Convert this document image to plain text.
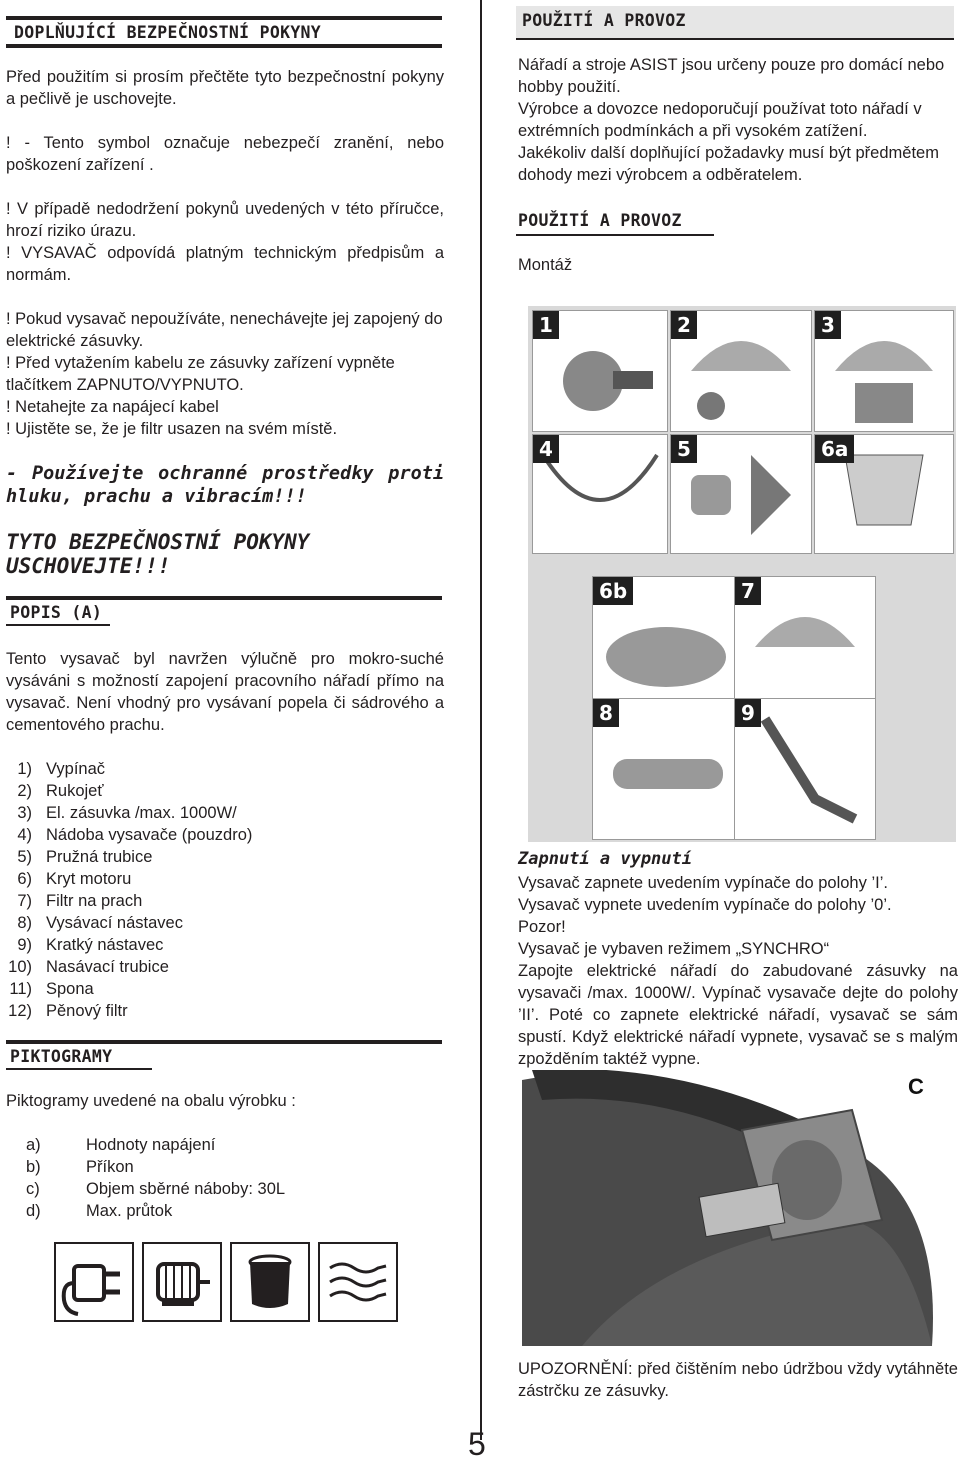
DOPLŇUJÍCÍ BEZPEČNOSTNÍ POKYNY
Před použitím si prosím přečtěte tyto bezpečnostní pokyny a pečlivě je uschovejte.
! - Tento symbol označuje nebezpečí zranění, nebo poškození zařízení .
! V případě nedodržení pokynů uvedených v této příručce, hrozí riziko úrazu.
! VYSAVAČ odpovídá platným technickým předpisům a normám.
! Pokud vysavač nepoužíváte, nenechávejte jej zapojený do elektrické zásuvky.
! Před vytažením kabelu ze zásuvky zařízení vypněte tlačítkem ZAPNUTO/VYPNUTO.
! Netahejte za napájecí kabel
! Ujistěte se, že je filtr usazen na svém místě.
- Používejte ochranné prostředky proti hluku, prachu a vibracím!!!
TYTO BEZPEČNOSTNÍ POKYNY USCHOVEJTE!!!
POPIS (A)
Tento vysavač byl navržen výlučně pro mokro-suché vysáváni s možností zapojení pracovního nářadí přímo na vysavač. Není vhodný pro vysávaní popela či sádrového a cementového prachu.
1) Vypínač
2) Rukojeť
3) El. zásuvka /max. 1000W/
4) Nádoba vysavače (pouzdro)
5) Pružná trubice
6) Kryt motoru
7) Filtr na prach
8) Vysávací nástavec
9) Kratký nástavec
10) Nasávací trubice
11) Spona
12) Pěnový filtr
PIKTOGRAMY
Piktogramy uvedené na obalu výrobku :
a)	Hodnoty napájení
b)	Příkon
c)	Objem sběrné náboby: 30L
d)	Max. průtok
POUŽITÍ A PROVOZ
Nářadí a stroje ASIST jsou určeny pouze pro domácí nebo hobby použití.
Výrobce a dovozce nedoporučují používat toto nářadí v extrémních podmínkách a při vysokém zatížení.
Jakékoliv další doplňující požadavky musí být předmětem dohody mezi výrobcem a odběratelem.
POUŽITÍ A PROVOZ
Montáž
1	2	3
4	5	6a
6b	7
8	9
Zapnutí a vypnutí
Vysavač zapnete uvedením vypínače do polohy ’I’.
Vysavač vypnete uvedením vypínače do polohy ’0’.
Pozor!
Vysavač je vybaven režimem „SYNCHRO“
Zapojte elektrické nářadí do zabudované zásuvky na vysavači /max. 1000W/. Vypínač vysavače dejte do polohy ’II’. Poté co zapnete elektrické nářadí, vysavač se sám spustí. Když elektrické nářadí vypnete, vysavač se s malým zpožděním taktéž vypne.
C
UPOZORNĚNÍ: před čištěním nebo údržbou vždy vytáhněte zástrčku ze zásuvky.
5
